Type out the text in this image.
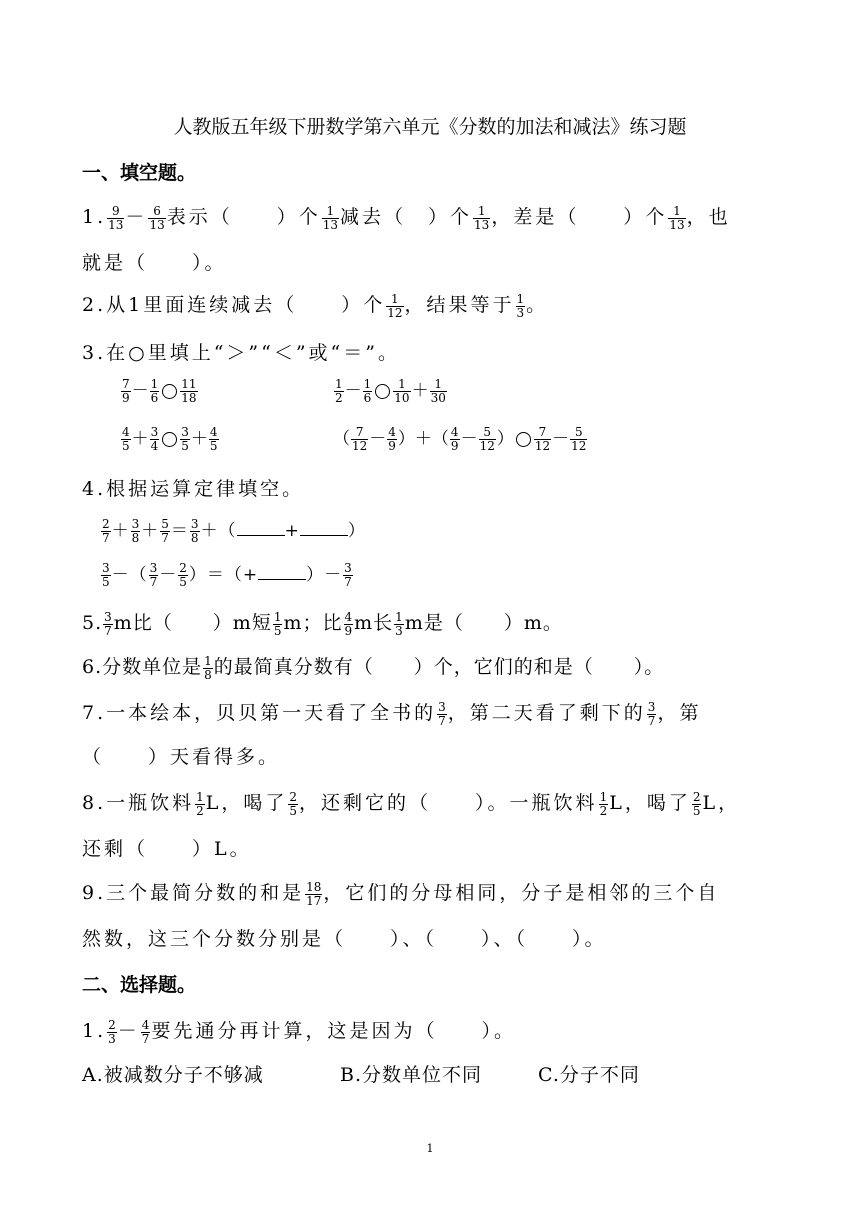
人教版五年级下册数学第六单元《分数的加法和减法》练习题
一、填空题。
1. $\frac{9}{13} - \frac{6}{13}$ 表示（　　）个 $\frac{1}{13}$ 减去（　）个 $\frac{1}{13}$ ，差是（　　）个 $\frac{1}{13}$ ，也
就是（　　）。
2.从1里面连续减去（　　）个 $\frac{1}{12}$ ，结果等于 $\frac{1}{3}$ 。
3.在○里填上“＞”“＜”或“＝”。
$\frac{7}{9} - \frac{1}{6} \frac{11}{18}$	$\frac{1}{2} - \frac{1}{6} \frac{1}{10} + \frac{1}{30}$
$\frac{4}{5} + \frac{3}{4} \frac{3}{5} + \frac{4}{5}$	（ $\frac{7}{12} - \frac{4}{9}$ ）＋（ $\frac{4}{9} - \frac{5}{12}$ ） $\frac{7}{12} - \frac{5}{12}$
4.根据运算定律填空。
$\frac{2}{7} + \frac{3}{8} + \frac{5}{7} = \frac{3}{8}$ ＋（	+	）
$\frac{3}{5}$ －（ $\frac{3}{7} - \frac{2}{5}$ ）＝（+	）－ $\frac{3}{7}$
5. $\frac{3}{7}$ m比（　　）m短 $\frac{1}{5}$ m；比 $\frac{4}{9}$ m长 $\frac{1}{3}$ m是（　　）m。
6.分数单位是 $\frac{1}{8}$ 的最简真分数有（　　）个，它们的和是（　　）。
7.一本绘本，贝贝第一天看了全书的 $\frac{3}{7}$ ，第二天看了剩下的 $\frac{3}{7}$ ，第
（　　）天看得多。
8.一瓶饮料 $\frac{1}{2}$ L，喝了 $\frac{2}{5}$ ，还剩它的（　　）。一瓶饮料 $\frac{1}{2}$ L，喝了 $\frac{2}{5}$ L，
还剩（　　）L。
9.三个最简分数的和是 $\frac{18}{17}$ ，它们的分母相同，分子是相邻的三个自
然数，这三个分数分别是（　　）、（　　）、（　　）。
二、选择题。
1. $\frac{2}{3} - \frac{4}{7}$ 要先通分再计算，这是因为（　　）。
A.被减数分子不够减	B.分数单位不同	C.分子不同
1
